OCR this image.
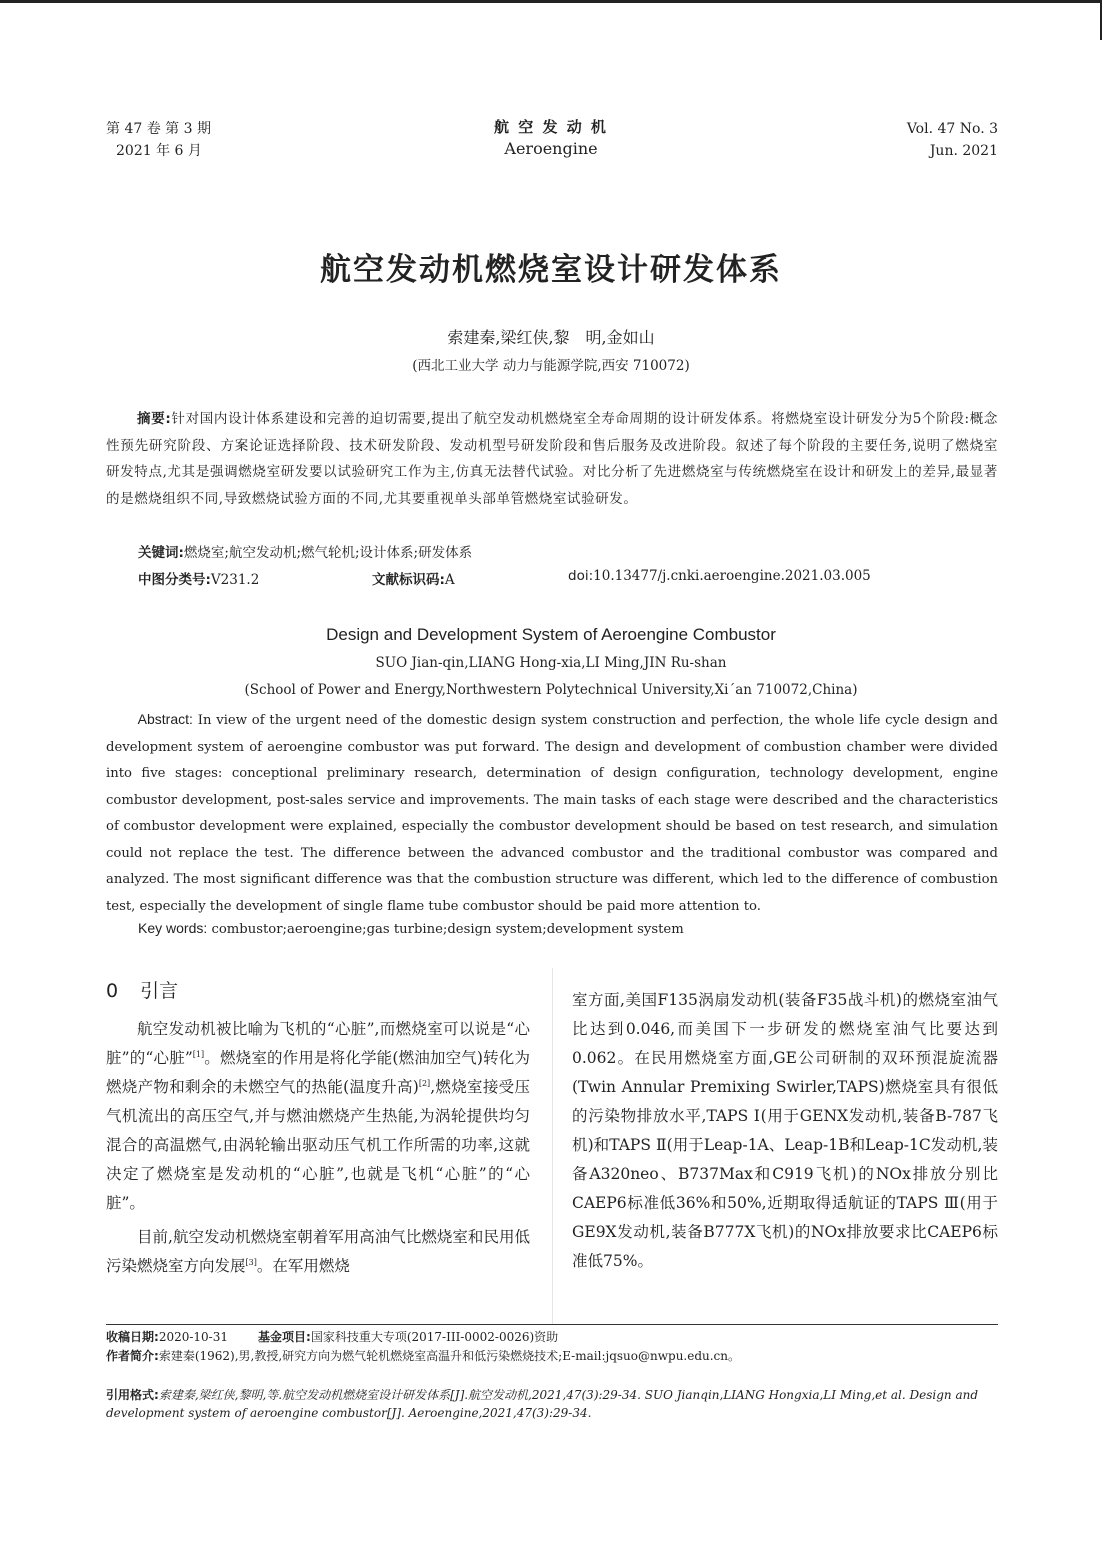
第 47 卷 第 3 期
2021 年 6 月
航 空 发 动 机
Aeroengine
Vol. 47 No. 3
Jun. 2021
航空发动机燃烧室设计研发体系
索建秦,梁红侠,黎　明,金如山
(西北工业大学 动力与能源学院,西安 710072)
摘要:针对国内设计体系建设和完善的迫切需要,提出了航空发动机燃烧室全寿命周期的设计研发体系。将燃烧室设计研发分为5个阶段:概念性预先研究阶段、方案论证选择阶段、技术研发阶段、发动机型号研发阶段和售后服务及改进阶段。叙述了每个阶段的主要任务,说明了燃烧室研发特点,尤其是强调燃烧室研发要以试验研究工作为主,仿真无法替代试验。对比分析了先进燃烧室与传统燃烧室在设计和研发上的差异,最显著的是燃烧组织不同,导致燃烧试验方面的不同,尤其要重视单头部单管燃烧室试验研发。
关键词:燃烧室;航空发动机;燃气轮机;设计体系;研发体系
中图分类号:V231.2	文献标识码:A	doi:10.13477/j.cnki.aeroengine.2021.03.005
Design and Development System of Aeroengine Combustor
SUO Jian-qin,LIANG Hong-xia,LI Ming,JIN Ru-shan
(School of Power and Energy,Northwestern Polytechnical University,Xi´an 710072,China)
Abstract: In view of the urgent need of the domestic design system construction and perfection, the whole life cycle design and development system of aeroengine combustor was put forward. The design and development of combustion chamber were divided into five stages: conceptional preliminary research, determination of design configuration, technology development, engine combustor development, post-sales service and improvements. The main tasks of each stage were described and the characteristics of combustor development were explained, especially the combustor development should be based on test research, and simulation could not replace the test. The difference between the advanced combustor and the traditional combustor was compared and analyzed. The most significant difference was that the combustion structure was different, which led to the difference of combustion test, especially the development of single flame tube combustor should be paid more attention to.
Key words: combustor;aeroengine;gas turbine;design system;development system
0 引言

航空发动机被比喻为飞机的“心脏”,而燃烧室可以说是“心脏”的“心脏”[1]。燃烧室的作用是将化学能(燃油加空气)转化为燃烧产物和剩余的未燃空气的热能(温度升高)[2],燃烧室接受压气机流出的高压空气,并与燃油燃烧产生热能,为涡轮提供均匀混合的高温燃气,由涡轮输出驱动压气机工作所需的功率,这就决定了燃烧室是发动机的“心脏”,也就是飞机“心脏”的“心脏”。

目前,航空发动机燃烧室朝着军用高油气比燃烧室和民用低污染燃烧室方向发展[3]。在军用燃烧

室方面,美国F135涡扇发动机(装备F35战斗机)的燃烧室油气比达到0.046,而美国下一步研发的燃烧室油气比要达到0.062。在民用燃烧室方面,GE公司研制的双环预混旋流器(Twin Annular Premixing Swirler,TAPS)燃烧室具有很低的污染物排放水平,TAPS Ⅰ(用于GENX发动机,装备B-787飞机)和TAPS Ⅱ(用于Leap-1A、Leap-1B和Leap-1C发动机,装备A320neo、B737Max和C919飞机)的NOx排放分别比CAEP6标准低36%和50%,近期取得适航证的TAPS Ⅲ(用于GE9X发动机,装备B777X飞机)的NOx排放要求比CAEP6标准低75%。

收稿日期:2020-10-31	基金项目:国家科技重大专项(2017-III-0002-0026)资助
作者简介:索建秦(1962),男,教授,研究方向为燃气轮机燃烧室高温升和低污染燃烧技术;E-mail:jqsuo@nwpu.edu.cn。
引用格式:索建秦,梁红侠,黎明,等.航空发动机燃烧室设计研发体系[J].航空发动机,2021,47(3):29-34. SUO Jianqin,LIANG Hongxia,LI Ming,et al. Design and development system of aeroengine combustor[J]. Aeroengine,2021,47(3):29-34.
